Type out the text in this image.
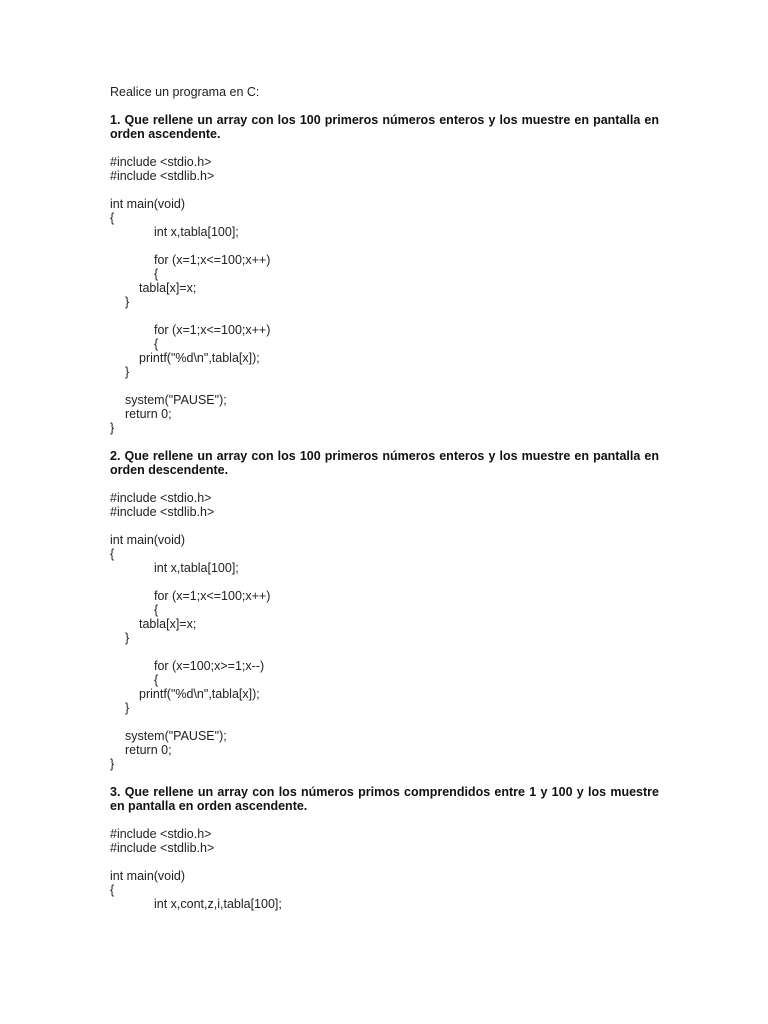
Realice un programa en C:

1. Que rellene un array con los 100 primeros números enteros y los muestre en pantalla en orden ascendente.

#include <stdio.h>
#include <stdlib.h>
int main(void)
{
int x,tabla[100];
for (x=1;x<=100;x++)
{
tabla[x]=x;
}
for (x=1;x<=100;x++)
{
printf("%d\n",tabla[x]);
}
system("PAUSE");
return 0;
}

2. Que rellene un array con los 100 primeros números enteros y los muestre en pantalla en orden descendente.

#include <stdio.h>
#include <stdlib.h>
int main(void)
{
int x,tabla[100];
for (x=1;x<=100;x++)
{
tabla[x]=x;
}
for (x=100;x>=1;x--)
{
printf("%d\n",tabla[x]);
}
system("PAUSE");
return 0;
}

3. Que rellene un array con los números primos comprendidos entre 1 y 100 y los muestre en pantalla en orden ascendente.

#include <stdio.h>
#include <stdlib.h>
int main(void)
{
int x,cont,z,i,tabla[100];
